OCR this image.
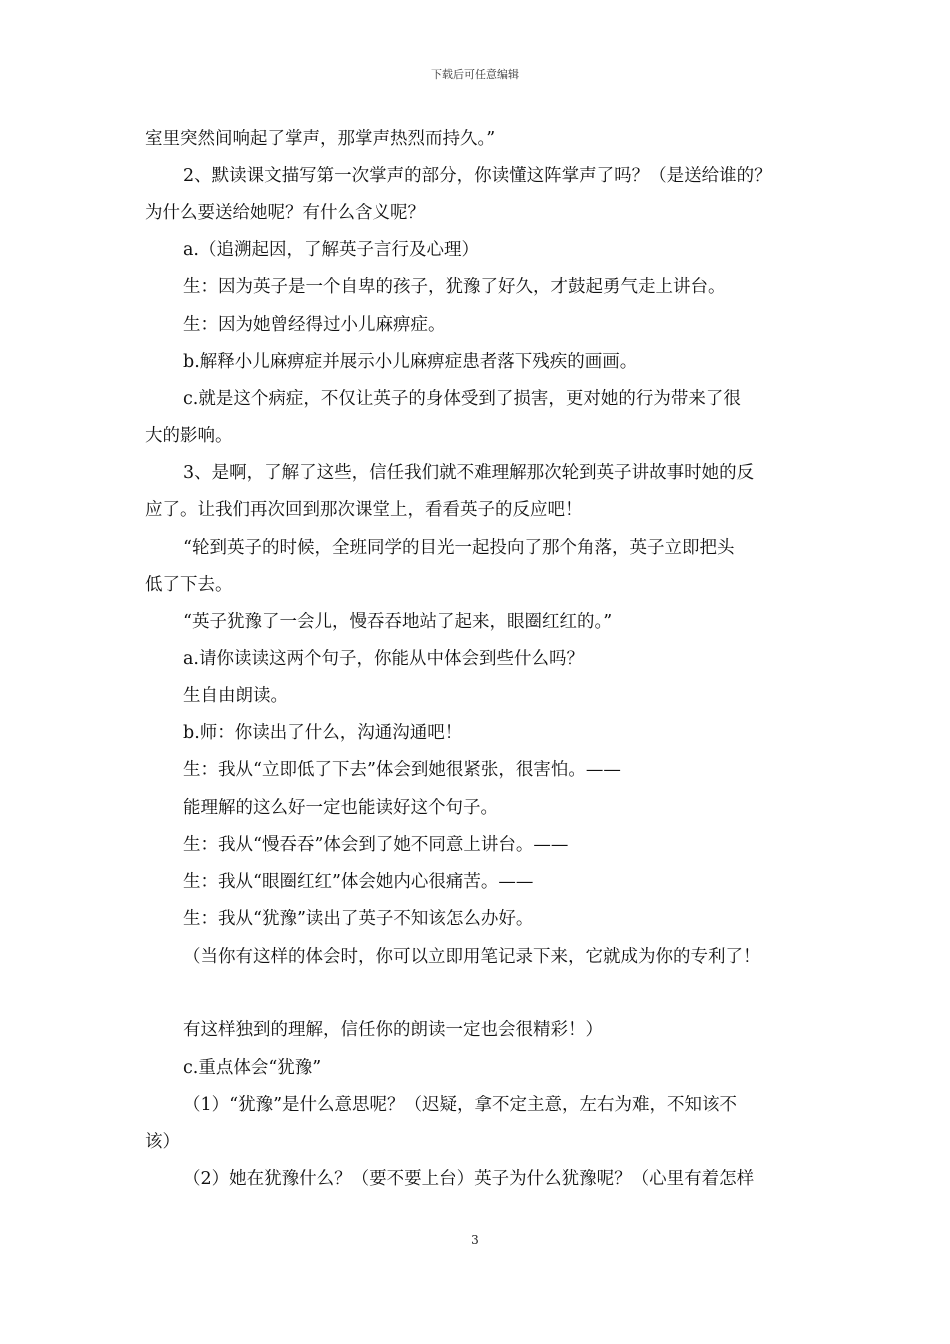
下载后可任意编辑
室里突然间响起了掌声，那掌声热烈而持久。”
2、默读课文描写第一次掌声的部分，你读懂这阵掌声了吗？（是送给谁的？
为什么要送给她呢？有什么含义呢？
a.（追溯起因，了解英子言行及心理）
生：因为英子是一个自卑的孩子，犹豫了好久，才鼓起勇气走上讲台。
生：因为她曾经得过小儿麻痹症。
b.解释小儿麻痹症并展示小儿麻痹症患者落下残疾的画画。
c.就是这个病症，不仅让英子的身体受到了损害，更对她的行为带来了很
大的影响。
3、是啊，了解了这些，信任我们就不难理解那次轮到英子讲故事时她的反
应了。让我们再次回到那次课堂上，看看英子的反应吧！
“轮到英子的时候，全班同学的目光一起投向了那个角落，英子立即把头
低了下去。
“英子犹豫了一会儿，慢吞吞地站了起来，眼圈红红的。”
a.请你读读这两个句子，你能从中体会到些什么吗？
生自由朗读。
b.师：你读出了什么，沟通沟通吧！
生：我从“立即低了下去”体会到她很紧张，很害怕。——
能理解的这么好一定也能读好这个句子。
生：我从“慢吞吞”体会到了她不同意上讲台。——
生：我从“眼圈红红”体会她内心很痛苦。——
生：我从“犹豫”读出了英子不知该怎么办好。
（当你有这样的体会时，你可以立即用笔记录下来，它就成为你的专利了！
有这样独到的理解，信任你的朗读一定也会很精彩！）
c.重点体会“犹豫”
（1）“犹豫”是什么意思呢？（迟疑，拿不定主意，左右为难，不知该不
该）
（2）她在犹豫什么？（要不要上台）英子为什么犹豫呢？（心里有着怎样
3
